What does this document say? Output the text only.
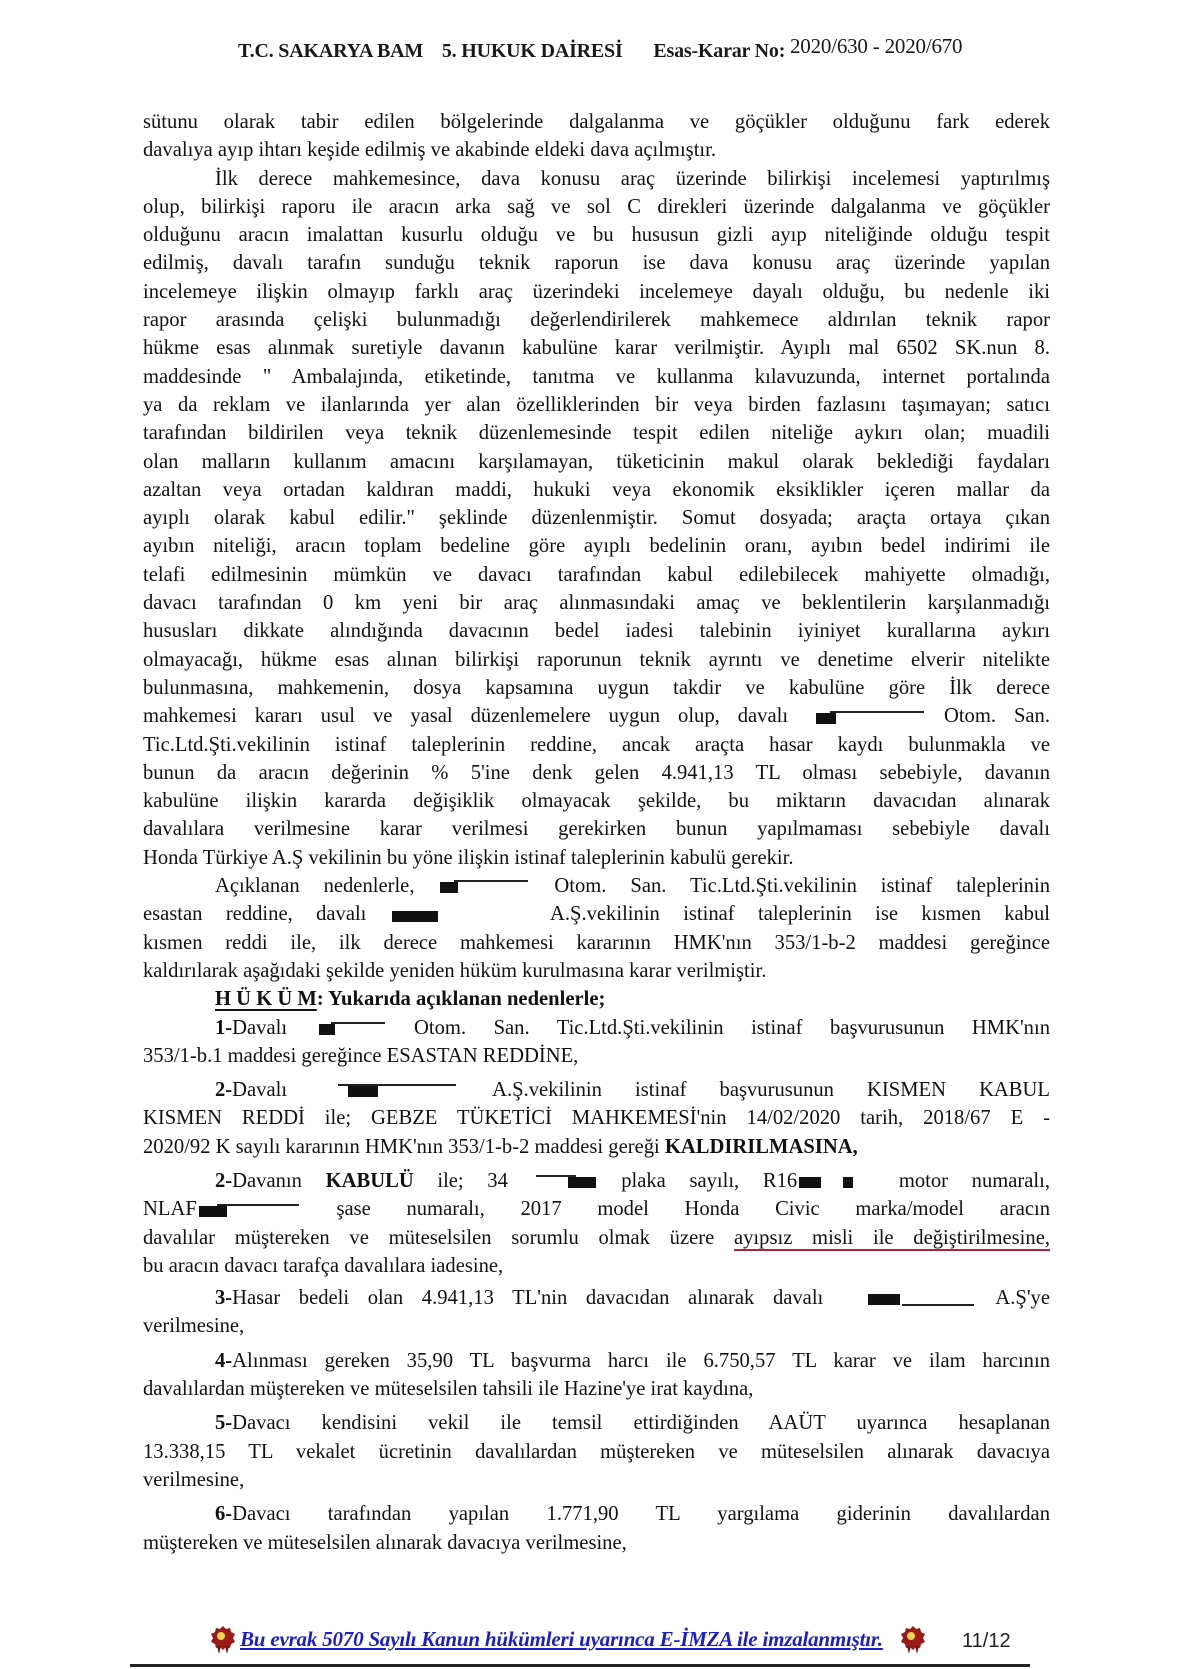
T.C. SAKARYA BAM 5. HUKUK DAİRESİ Esas-Karar No: 2020/630 - 2020/670
sütunu olarak tabir edilen bölgelerinde dalgalanma ve göçükler olduğunu fark ederek
davalıya ayıp ihtarı keşide edilmiş ve akabinde eldeki dava açılmıştır.
İlk derece mahkemesince, dava konusu araç üzerinde bilirkişi incelemesi yaptırılmış
olup, bilirkişi raporu ile aracın arka sağ ve sol C direkleri üzerinde dalgalanma ve göçükler
olduğunu aracın imalattan kusurlu olduğu ve bu hususun gizli ayıp niteliğinde olduğu tespit
edilmiş, davalı tarafın sunduğu teknik raporun ise dava konusu araç üzerinde yapılan
incelemeye ilişkin olmayıp farklı araç üzerindeki incelemeye dayalı olduğu, bu nedenle iki
rapor arasında çelişki bulunmadığı değerlendirilerek mahkemece aldırılan teknik rapor
hükme esas alınmak suretiyle davanın kabulüne karar verilmiştir. Ayıplı mal 6502 SK.nun 8.
maddesinde " Ambalajında, etiketinde, tanıtma ve kullanma kılavuzunda, internet portalında
ya da reklam ve ilanlarında yer alan özelliklerinden bir veya birden fazlasını taşımayan; satıcı
tarafından bildirilen veya teknik düzenlemesinde tespit edilen niteliğe aykırı olan; muadili
olan malların kullanım amacını karşılamayan, tüketicinin makul olarak beklediği faydaları
azaltan veya ortadan kaldıran maddi, hukuki veya ekonomik eksiklikler içeren mallar da
ayıplı olarak kabul edilir." şeklinde düzenlenmiştir. Somut dosyada; araçta ortaya çıkan
ayıbın niteliği, aracın toplam bedeline göre ayıplı bedelinin oranı, ayıbın bedel indirimi ile
telafi edilmesinin mümkün ve davacı tarafından kabul edilebilecek mahiyette olmadığı,
davacı tarafından 0 km yeni bir araç alınmasındaki amaç ve beklentilerin karşılanmadığı
hususları dikkate alındığında davacının bedel iadesi talebinin iyiniyet kurallarına aykırı
olmayacağı, hükme esas alınan bilirkişi raporunun teknik ayrıntı ve denetime elverir nitelikte
bulunmasına, mahkemenin, dosya kapsamına uygun takdir ve kabulüne göre İlk derece
mahkemesi kararı usul ve yasal düzenlemelere uygun olup, davalı	Otom. San.
Tic.Ltd.Şti.vekilinin istinaf taleplerinin reddine, ancak araçta hasar kaydı bulunmakla ve
bunun da aracın değerinin % 5'ine denk gelen 4.941,13 TL olması sebebiyle, davanın
kabulüne ilişkin kararda değişiklik olmayacak şekilde, bu miktarın davacıdan alınarak
davalılara verilmesine karar verilmesi gerekirken bunun yapılmaması sebebiyle davalı
Honda Türkiye A.Ş vekilinin bu yöne ilişkin istinaf taleplerinin kabulü gerekir.
Açıklanan nedenlerle,	Otom. San. Tic.Ltd.Şti.vekilinin istinaf taleplerinin
esastan reddine, davalı	A.Ş.vekilinin istinaf taleplerinin ise kısmen kabul
kısmen reddi ile, ilk derece mahkemesi kararının HMK'nın 353/1-b-2 maddesi gereğince
kaldırılarak aşağıdaki şekilde yeniden hüküm kurulmasına karar verilmiştir.
H Ü K Ü M: Yukarıda açıklanan nedenlerle;
1-Davalı	Otom. San. Tic.Ltd.Şti.vekilinin istinaf başvurusunun HMK'nın
353/1-b.1 maddesi gereğince ESASTAN REDDİNE,
2-Davalı	A.Ş.vekilinin istinaf başvurusunun KISMEN KABUL
KISMEN REDDİ ile; GEBZE TÜKETİCİ MAHKEMESİ'nin 14/02/2020 tarih, 2018/67 E -
2020/92 K sayılı kararının HMK'nın 353/1-b-2 maddesi gereği KALDIRILMASINA,
2-Davanın KABULÜ ile; 34	plaka sayılı, R16	motor numaralı,
NLAF	şase numaralı, 2017 model Honda Civic marka/model aracın
davalılar müştereken ve müteselsilen sorumlu olmak üzere ayıpsız misli ile değiştirilmesine,
bu aracın davacı tarafça davalılara iadesine,
3-Hasar bedeli olan 4.941,13 TL'nin davacıdan alınarak davalı	A.Ş'ye
verilmesine,
4-Alınması gereken 35,90 TL başvurma harcı ile 6.750,57 TL karar ve ilam harcının
davalılardan müştereken ve müteselsilen tahsili ile Hazine'ye irat kaydına,
5-Davacı kendisini vekil ile temsil ettirdiğinden AAÜT uyarınca hesaplanan
13.338,15 TL vekalet ücretinin davalılardan müştereken ve müteselsilen alınarak davacıya
verilmesine,
6-Davacı tarafından yapılan 1.771,90 TL yargılama giderinin davalılardan
müştereken ve müteselsilen alınarak davacıya verilmesine,
Bu evrak 5070 Sayılı Kanun hükümleri uyarınca E-İMZA ile imzalanmıştır.	11/12
